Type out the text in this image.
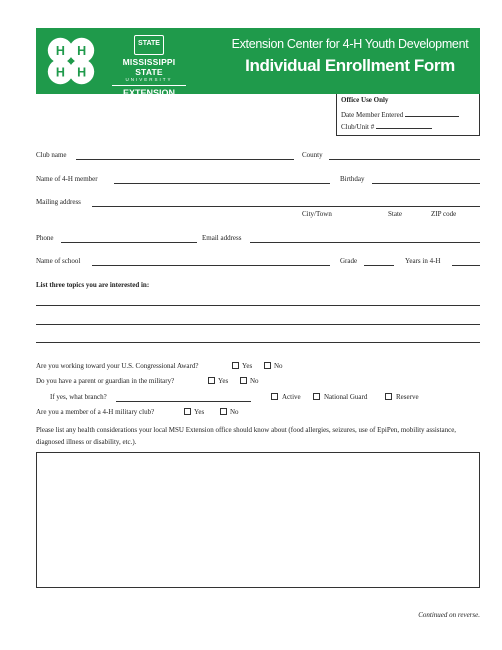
H H
H H
STATE
MISSISSIPPI STATE
UNIVERSITY
EXTENSION
Extension Center for 4-H Youth Development
Individual Enrollment Form
Office Use Only
Date Member Entered
Club/Unit #
Club name	County
Name of 4-H member	Birthday
Mailing address
City/Town	State	ZIP code
Phone	Email address
Name of school	Grade	Years in 4-H
List three topics you are interested in:
Are you working toward your U.S. Congressional Award?	Yes	No
Do you have a parent or guardian in the military?	Yes	No
If yes, what branch?	Active	National Guard	Reserve
Are you a member of a 4-H military club?	Yes	No
Please list any health considerations your local MSU Extension office should know about (food allergies, seizures, use of EpiPen, mobility assistance, diagnosed illness or disability, etc.).
Continued on reverse.
